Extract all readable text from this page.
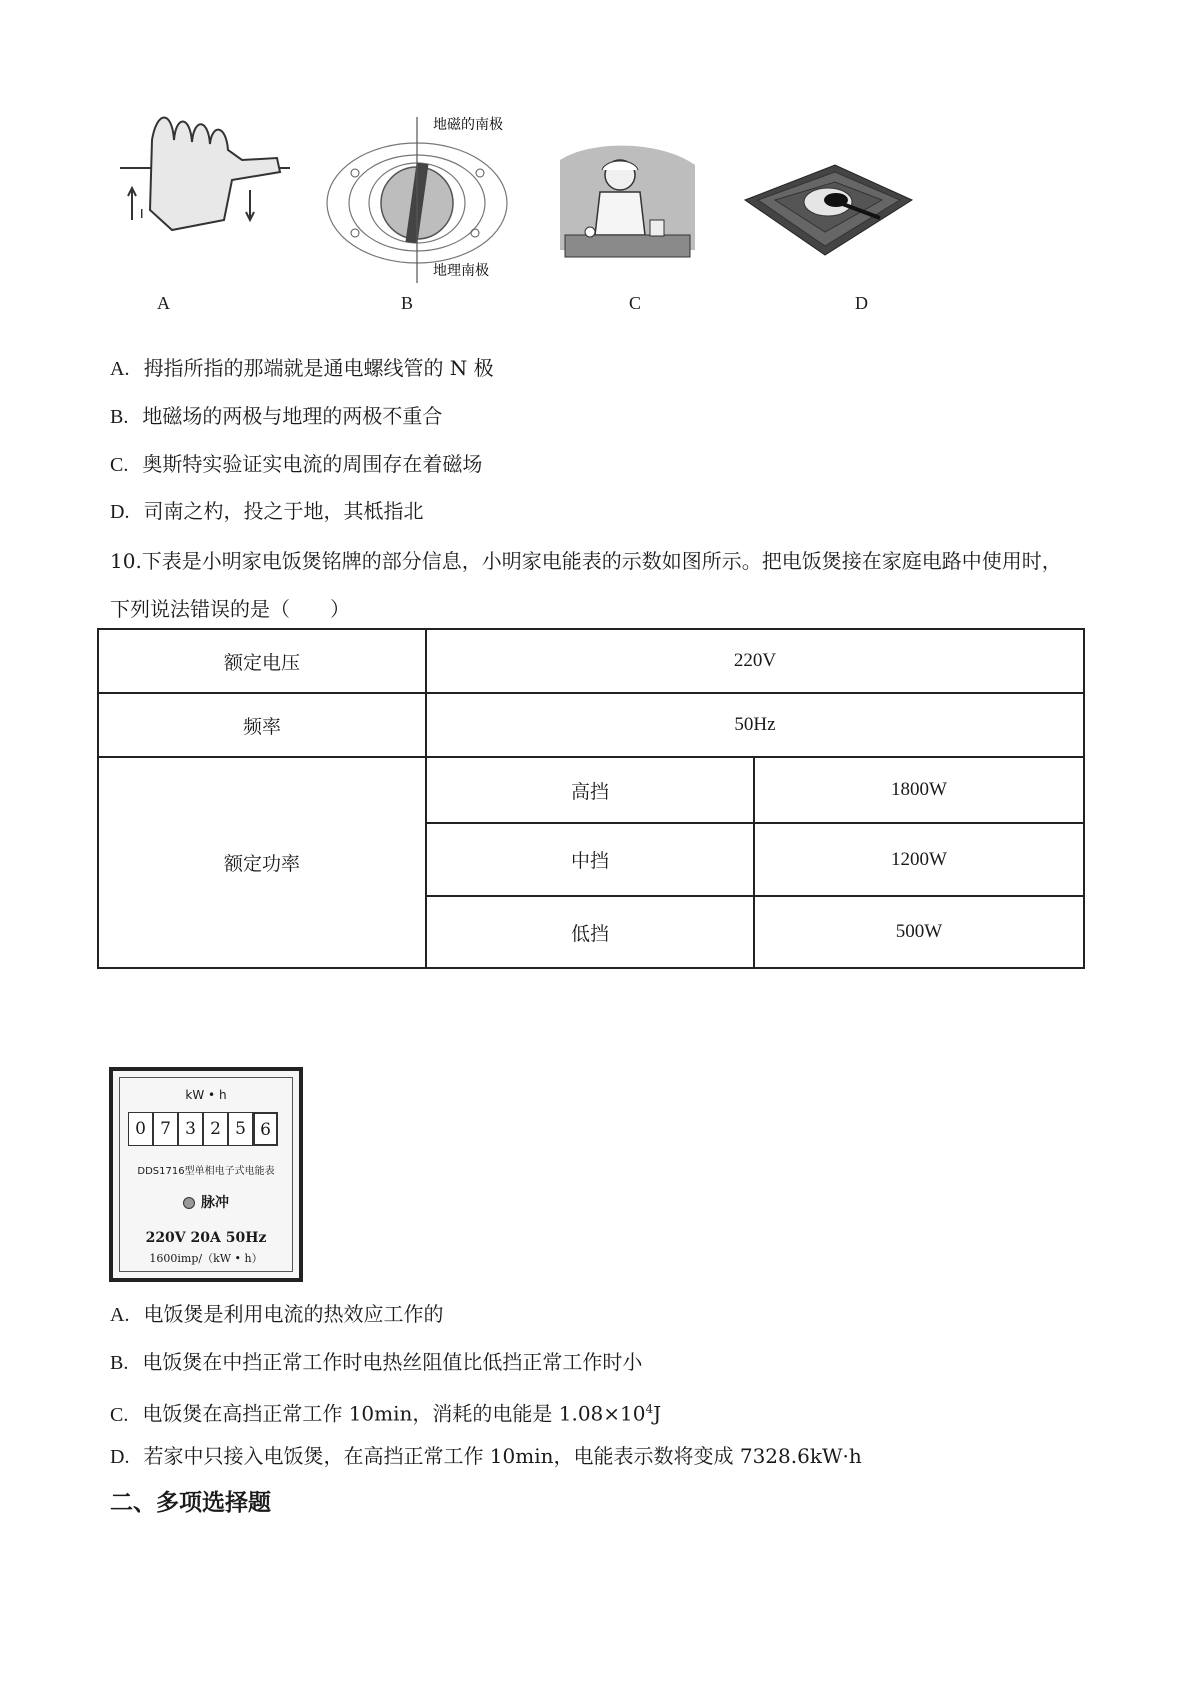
I
地磁的南极
地理南极
A	B	C	D
A. 拇指所指的那端就是通电螺线管的 N 极
B. 地磁场的两极与地理的两极不重合
C. 奥斯特实验证实电流的周围存在着磁场
D. 司南之杓，投之于地，其柢指北
10.下表是小明家电饭煲铭牌的部分信息，小明家电能表的示数如图所示。把电饭煲接在家庭电路中使用时，
下列说法错误的是（　　）
额定电压	220V	
频率	50Hz	
额定功率	高挡	1800W
	中挡	1200W
	低挡	500W
kW • h
0 7 3 2 5 6
DDS1716型单相电子式电能表
脉冲
220V 20A 50Hz
1600imp/（kW • h）
A. 电饭煲是利用电流的热效应工作的
B. 电饭煲在中挡正常工作时电热丝阻值比低挡正常工作时小
C. 电饭煲在高挡正常工作 10min，消耗的电能是 $1.08\times 10^4J$
D. 若家中只接入电饭煲，在高挡正常工作 10min，电能表示数将变成 7328.6kW·h
二、多项选择题
